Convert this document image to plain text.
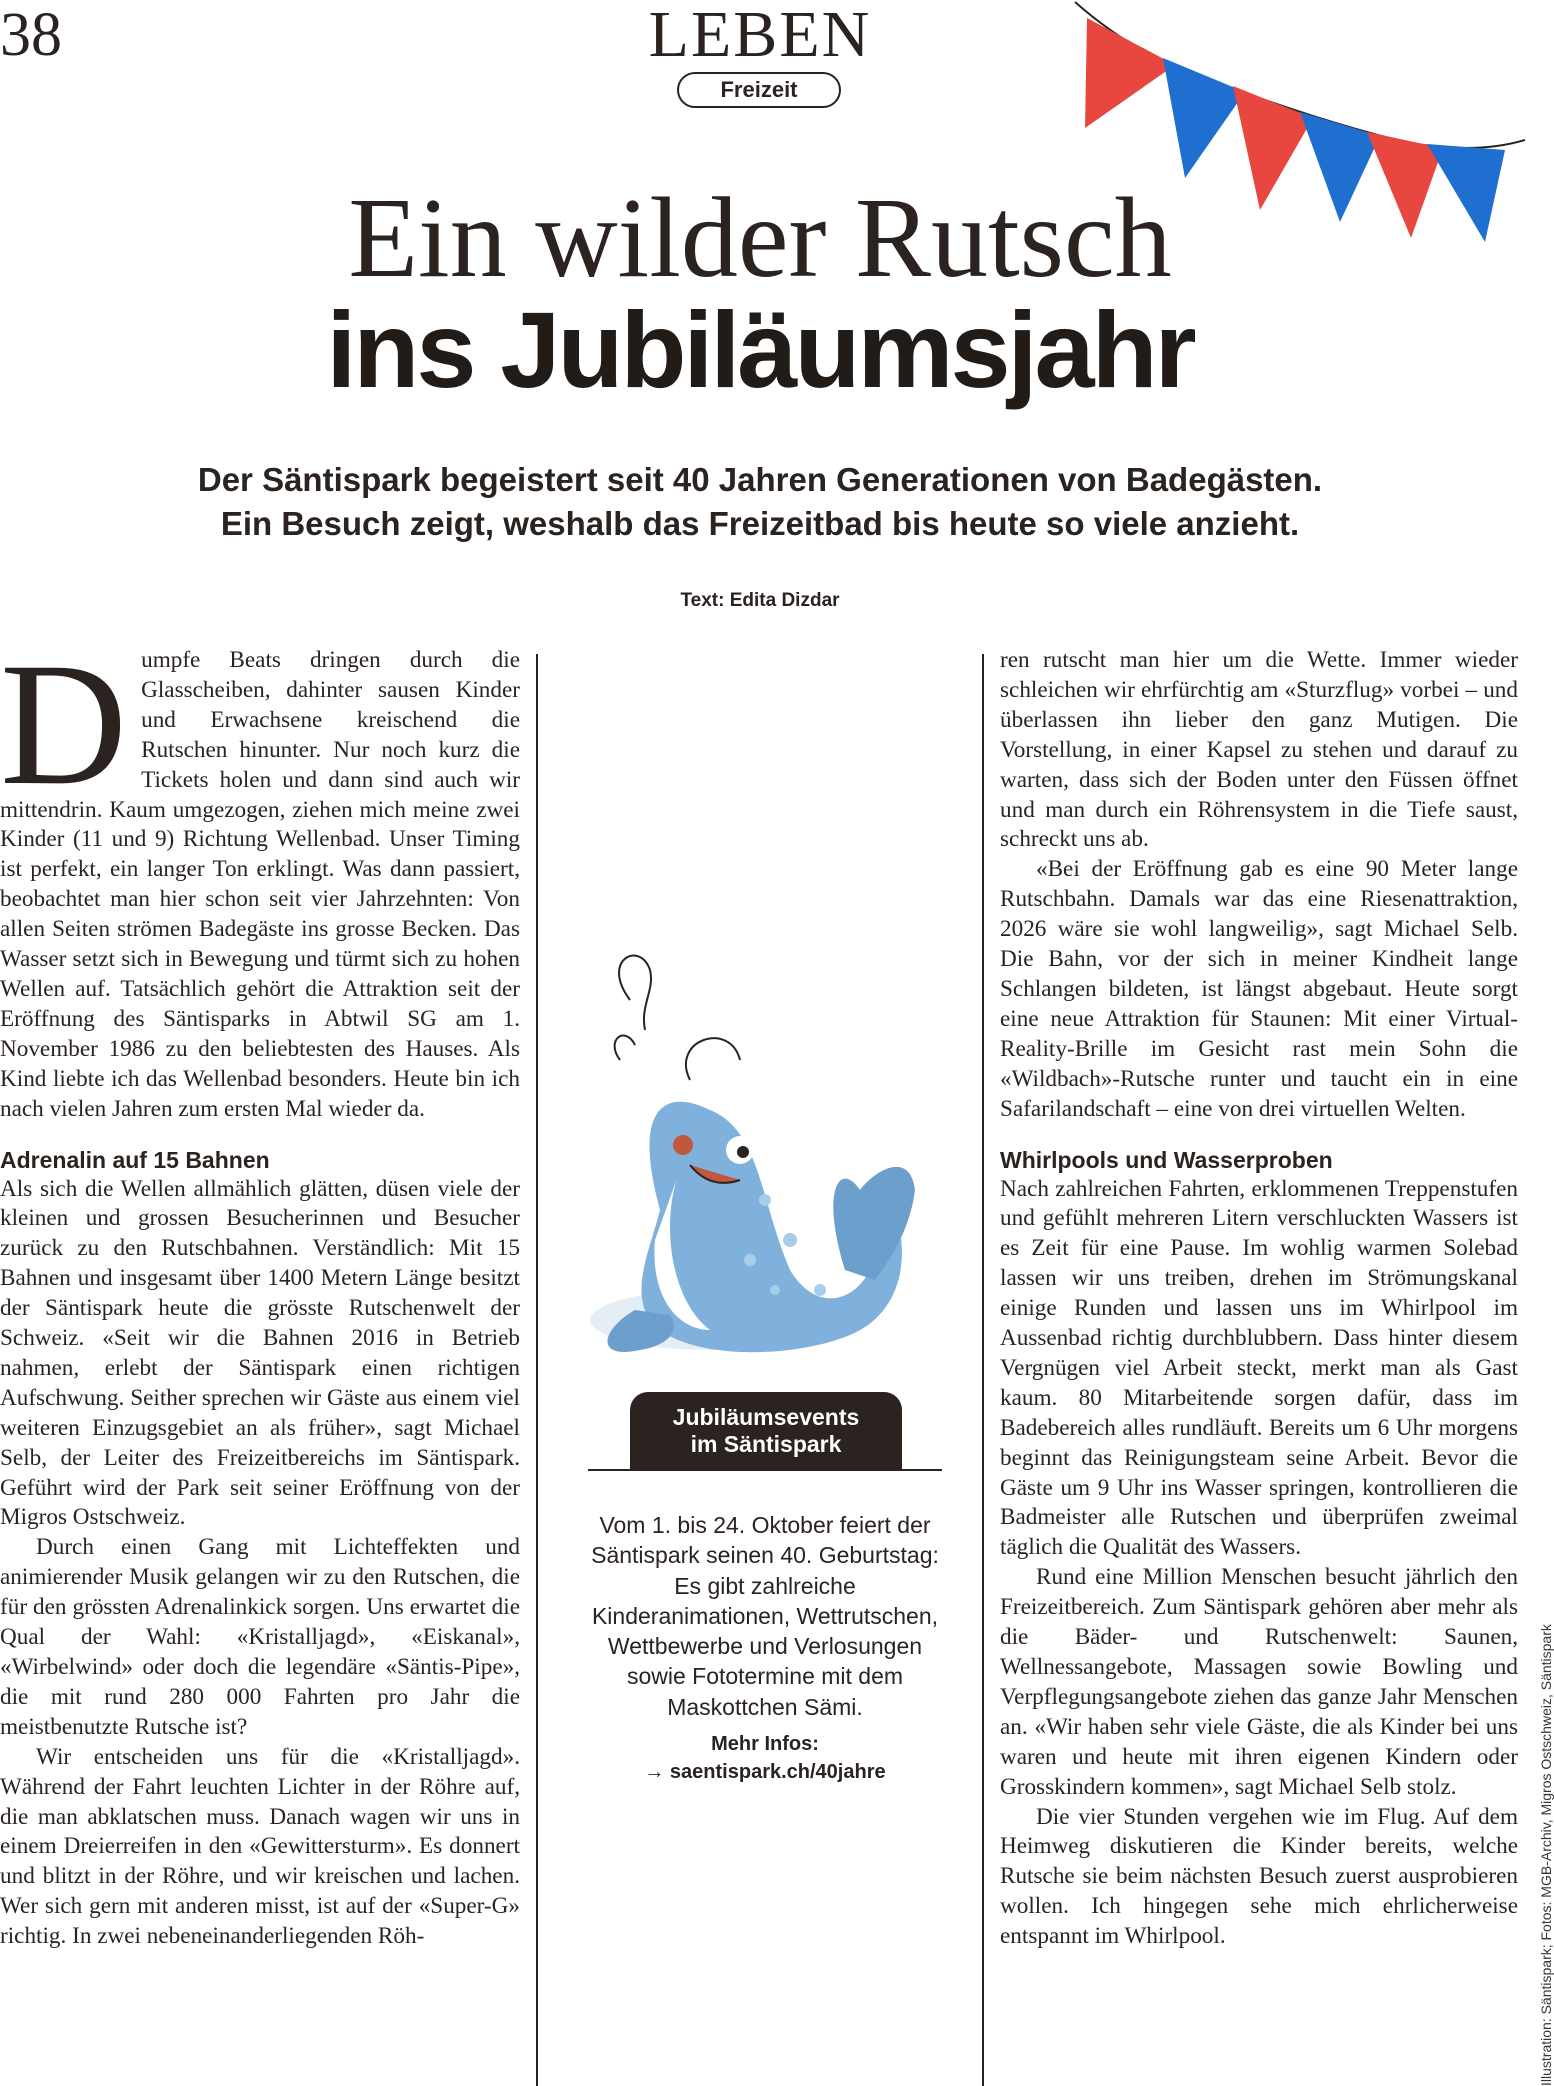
38	LEBEN
Freizeit
Ein wilder Rutsch
ins Jubiläumsjahr
Der Säntispark begeistert seit 40 Jahren Generationen von Badegästen.
Ein Besuch zeigt, weshalb das Freizeitbad bis heute so viele anzieht.
Text: Edita Dizdar
D umpfe Beats dringen durch die Glasscheiben, dahinter sausen Kinder und Erwachsene kreischend die Rutschen hinunter. Nur noch kurz die Tickets holen und dann sind auch wir mittendrin. Kaum umgezogen, ziehen mich meine zwei Kinder (11 und 9) Richtung Wellenbad. Unser Timing ist perfekt, ein langer Ton erklingt. Was dann passiert, beobachtet man hier schon seit vier Jahrzehnten: Von allen Seiten strömen Badegäste ins grosse Becken. Das Wasser setzt sich in Bewegung und türmt sich zu hohen Wellen auf. Tatsächlich gehört die Attraktion seit der Eröffnung des Säntisparks in Abtwil SG am 1. November 1986 zu den beliebtesten des Hauses. Als Kind liebte ich das Wellenbad besonders. Heute bin ich nach vielen Jahren zum ersten Mal wieder da.

Adrenalin auf 15 Bahnen

Als sich die Wellen allmählich glätten, düsen viele der kleinen und grossen Besucherinnen und Besucher zurück zu den Rutschbahnen. Verständlich: Mit 15 Bahnen und insgesamt über 1400 Metern Länge besitzt der Säntispark heute die grösste Rutschenwelt der Schweiz. «Seit wir die Bahnen 2016 in Betrieb nahmen, erlebt der Säntispark einen richtigen Aufschwung. Seither sprechen wir Gäste aus einem viel weiteren Einzugsgebiet an als früher», sagt Michael Selb, der Leiter des Freizeitbereichs im Säntispark. Geführt wird der Park seit seiner Eröffnung von der Migros Ostschweiz.

Durch einen Gang mit Lichteffekten und animierender Musik gelangen wir zu den Rutschen, die für den grössten Adrenalinkick sorgen. Uns erwartet die Qual der Wahl: «Kristalljagd», «Eiskanal», «Wirbelwind» oder doch die legendäre «Säntis-Pipe», die mit rund 280 000 Fahrten pro Jahr die meistbenutzte Rutsche ist?

Wir entscheiden uns für die «Kristalljagd». Während der Fahrt leuchten Lichter in der Röhre auf, die man abklatschen muss. Danach wagen wir uns in einem Dreierreifen in den «Gewittersturm». Es donnert und blitzt in der Röhre, und wir kreischen und lachen. Wer sich gern mit anderen misst, ist auf der «Super-G» richtig. In zwei nebeneinanderliegenden Röh-

Jubiläumsevents
im Säntispark
Vom 1. bis 24. Oktober feiert der Säntispark seinen 40. Geburtstag: Es gibt zahlreiche Kinderanimationen, Wettrutschen, Wettbewerbe und Verlosungen sowie Fototermine mit dem Maskottchen Sämi.
Mehr Infos:
→ saentispark.ch/40jahre

ren rutscht man hier um die Wette. Immer wieder schleichen wir ehrfürchtig am «Sturzflug» vorbei – und überlassen ihn lieber den ganz Mutigen. Die Vorstellung, in einer Kapsel zu stehen und darauf zu warten, dass sich der Boden unter den Füssen öffnet und man durch ein Röhrensystem in die Tiefe saust, schreckt uns ab.

«Bei der Eröffnung gab es eine 90 Meter lange Rutschbahn. Damals war das eine Riesenattraktion, 2026 wäre sie wohl langweilig», sagt Michael Selb. Die Bahn, vor der sich in meiner Kindheit lange Schlangen bildeten, ist längst abgebaut. Heute sorgt eine neue Attraktion für Staunen: Mit einer Virtual-Reality-Brille im Gesicht rast mein Sohn die «Wildbach»-Rutsche runter und taucht ein in eine Safarilandschaft – eine von drei virtuellen Welten.

Whirlpools und Wasserproben

Nach zahlreichen Fahrten, erklommenen Treppenstufen und gefühlt mehreren Litern verschluckten Wassers ist es Zeit für eine Pause. Im wohlig warmen Solebad lassen wir uns treiben, drehen im Strömungskanal einige Runden und lassen uns im Whirlpool im Aussenbad richtig durchblubbern. Dass hinter diesem Vergnügen viel Arbeit steckt, merkt man als Gast kaum. 80 Mitarbeitende sorgen dafür, dass im Badebereich alles rundläuft. Bereits um 6 Uhr morgens beginnt das Reinigungsteam seine Arbeit. Bevor die Gäste um 9 Uhr ins Wasser springen, kontrollieren die Badmeister alle Rutschen und überprüfen zweimal täglich die Qualität des Wassers.

Rund eine Million Menschen besucht jährlich den Freizeitbereich. Zum Säntispark gehören aber mehr als die Bäder- und Rutschenwelt: Saunen, Wellnessangebote, Massagen sowie Bowling und Verpflegungsangebote ziehen das ganze Jahr Menschen an. «Wir haben sehr viele Gäste, die als Kinder bei uns waren und heute mit ihren eigenen Kindern oder Grosskindern kommen», sagt Michael Selb stolz.

Die vier Stunden vergehen wie im Flug. Auf dem Heimweg diskutieren die Kinder bereits, welche Rutsche sie beim nächsten Besuch zuerst ausprobieren wollen. Ich hingegen sehe mich ehrlicherweise entspannt im Whirlpool.	Illustration: Säntispark; Fotos: MGB-Archiv, Migros Ostschweiz, Säntispark
